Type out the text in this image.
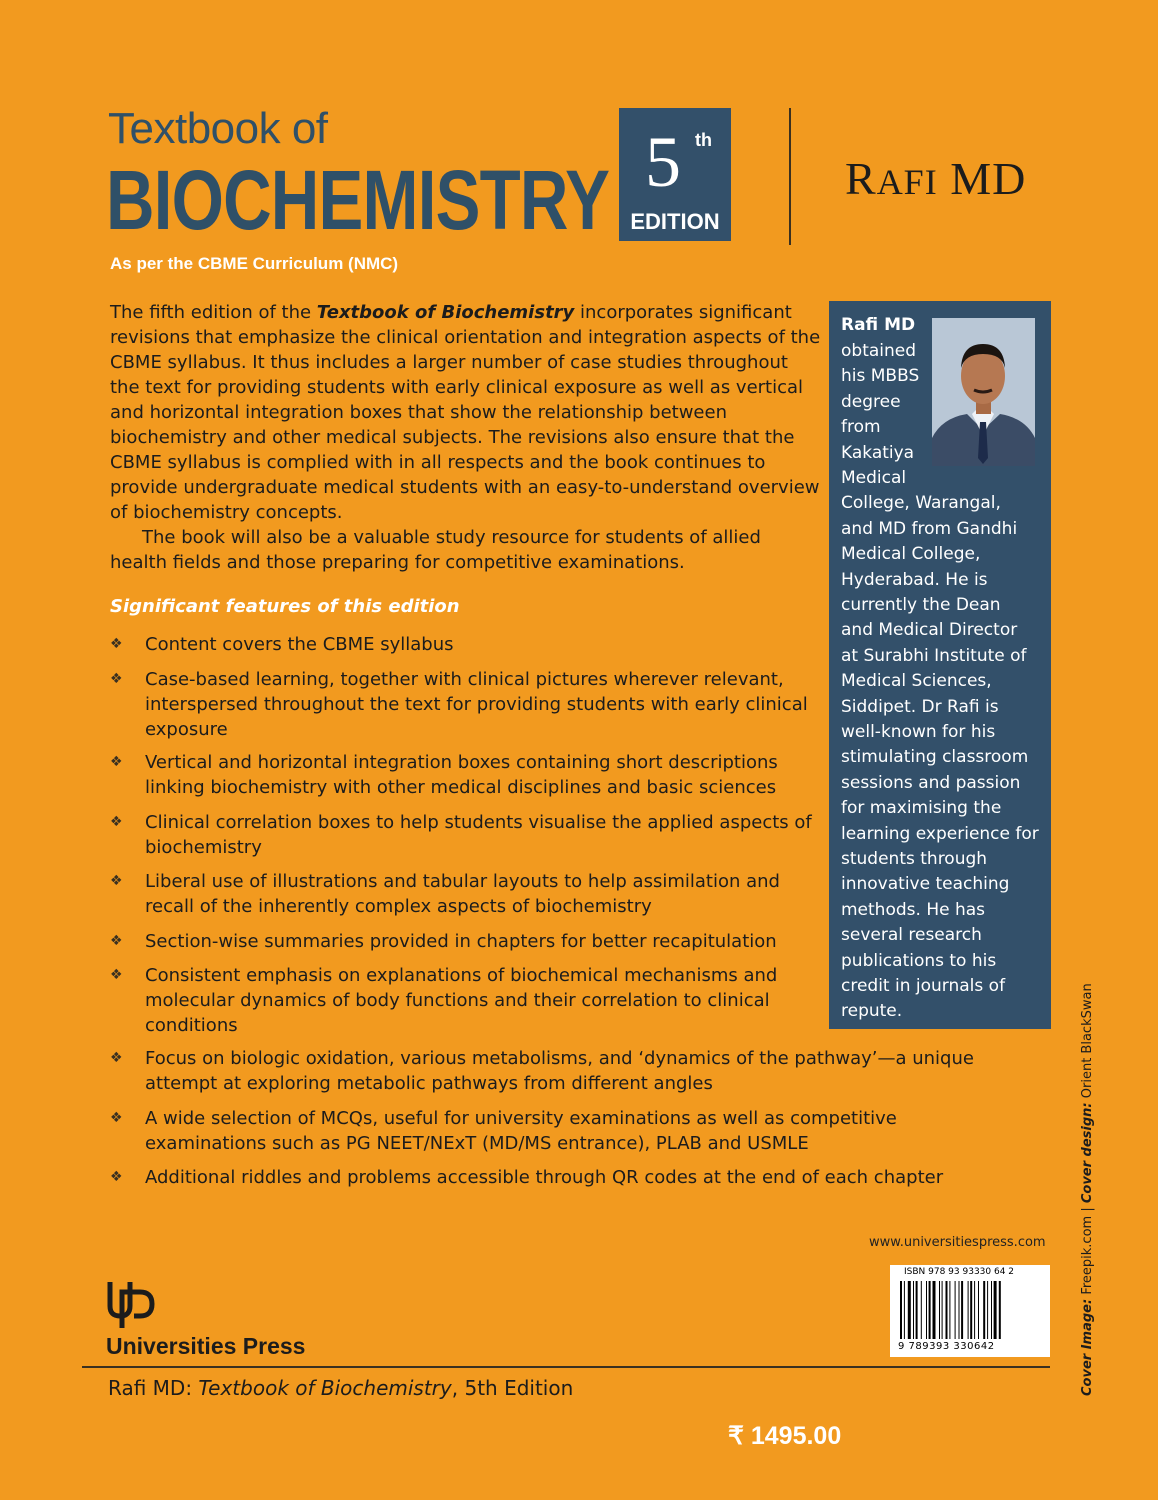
Textbook of
BIOCHEMISTRY 5 th
EDITION
RAFI MD
As per the CBME Curriculum (NMC)

The fifth edition of the Textbook of Biochemistry incorporates significant revisions that emphasize the clinical orientation and integration aspects of the CBME syllabus. It thus includes a larger number of case studies throughout the text for providing students with early clinical exposure as well as vertical and horizontal integration boxes that show the relationship between biochemistry and other medical subjects. The revisions also ensure that the CBME syllabus is complied with in all respects and the book continues to provide undergraduate medical students with an easy-to-understand overview of biochemistry concepts.

The book will also be a valuable study resource for students of allied health fields and those preparing for competitive examinations.

Significant features of this edition
❖	Content covers the CBME syllabus
❖	Case-based learning, together with clinical pictures wherever relevant, interspersed throughout the text for providing students with early clinical exposure
❖	Vertical and horizontal integration boxes containing short descriptions linking biochemistry with other medical disciplines and basic sciences
❖	Clinical correlation boxes to help students visualise the applied aspects of biochemistry
❖	Liberal use of illustrations and tabular layouts to help assimilation and recall of the inherently complex aspects of biochemistry
❖	Section-wise summaries provided in chapters for better recapitulation
❖	Consistent emphasis on explanations of biochemical mechanisms and molecular dynamics of body functions and their correlation to clinical conditions
❖	Focus on biologic oxidation, various metabolisms, and ‘dynamics of the pathway’—a unique attempt at exploring metabolic pathways from different angles
❖	A wide selection of MCQs, useful for university examinations as well as competitive examinations such as PG NEET/NExT (MD/MS entrance), PLAB and USMLE
❖	Additional riddles and problems accessible through QR codes at the end of each chapter
Rafi MD
obtained
his MBBS
degree
from
Kakatiya
Medical
College, Warangal,
and MD from Gandhi
Medical College,
Hyderabad. He is
currently the Dean
and Medical Director
at Surabhi Institute of
Medical Sciences,
Siddipet. Dr Rafi is
well-known for his
stimulating classroom
sessions and passion
for maximising the
learning experience for
students through
innovative teaching
methods. He has
several research
publications to his
credit in journals of
repute.
www.universitiespress.com
ISBN 978 93 93330 64 2
9 789393 330642
Universities Press
Rafi MD: Textbook of Biochemistry, 5th Edition
₹ 1495.00
Cover Image: Freepik.com | Cover design: Orient BlackSwan
